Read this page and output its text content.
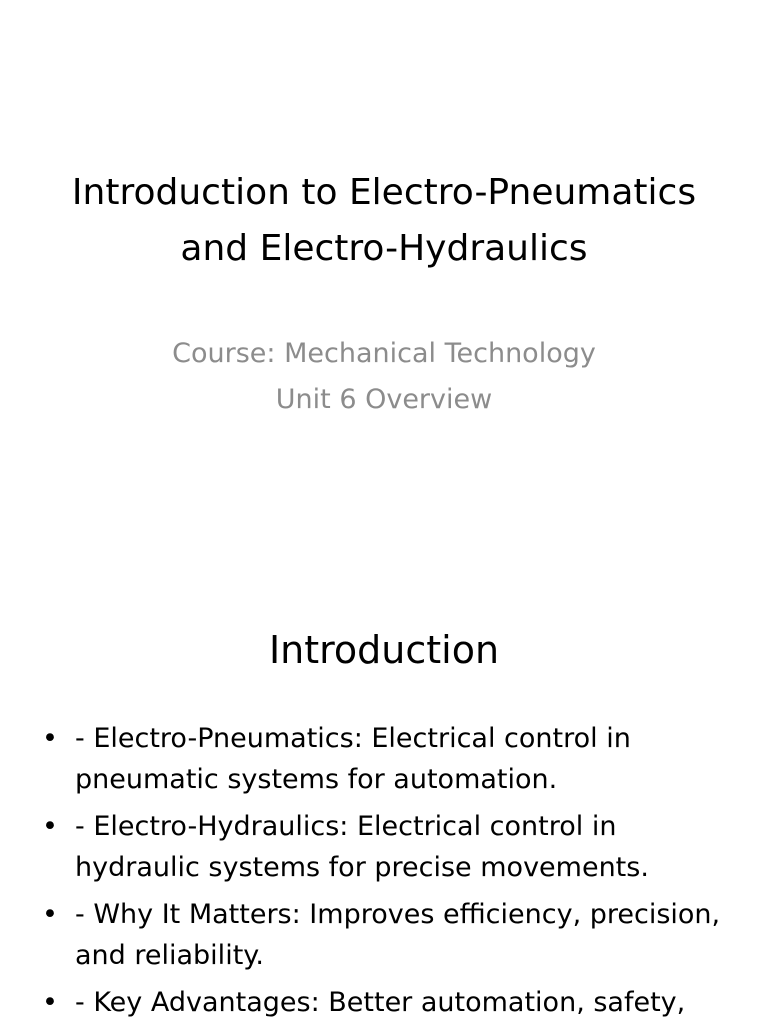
Introduction to Electro-Pneumatics and Electro-Hydraulics
Course: Mechanical Technology
Unit 6 Overview
Introduction
• - Electro-Pneumatics: Electrical control in pneumatic systems for automation.
• - Electro-Hydraulics: Electrical control in hydraulic systems for precise movements.
• - Why It Matters: Improves efficiency, precision, and reliability.
• - Key Advantages: Better automation, safety,
